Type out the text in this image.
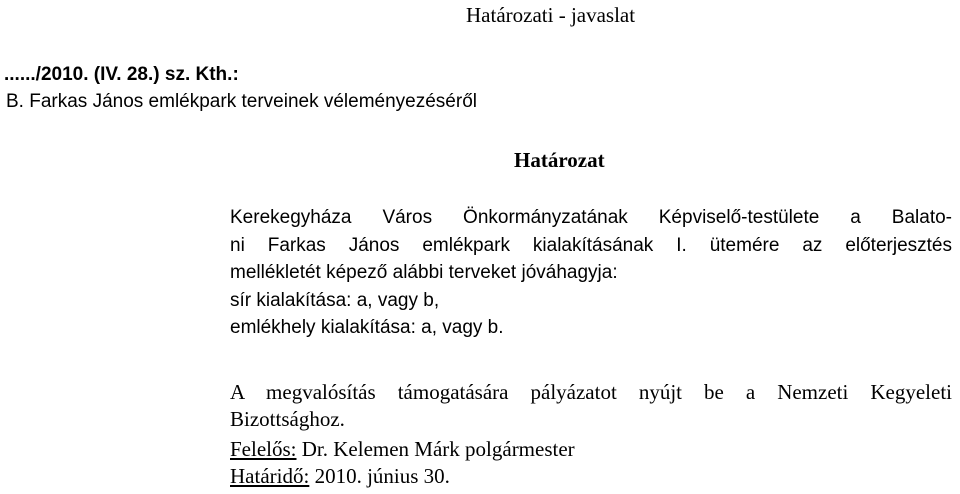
Határozati - javaslat
....../2010. (IV. 28.) sz. Kth.:
B. Farkas János emlékpark terveinek véleményezéséről
Határozat
Kerekegyháza Város Önkormányzatának Képviselő-testülete a Balato-
ni Farkas János emlékpark kialakításának I. ütemére az előterjesztés
mellékletét képező alábbi terveket jóváhagyja:
sír kialakítása: a, vagy b,
emlékhely kialakítása: a, vagy b.
A megvalósítás támogatására pályázatot nyújt be a Nemzeti Kegyeleti
Bizottsághoz.
Felelős: Dr. Kelemen Márk polgármester
Határidő: 2010. június 30.
